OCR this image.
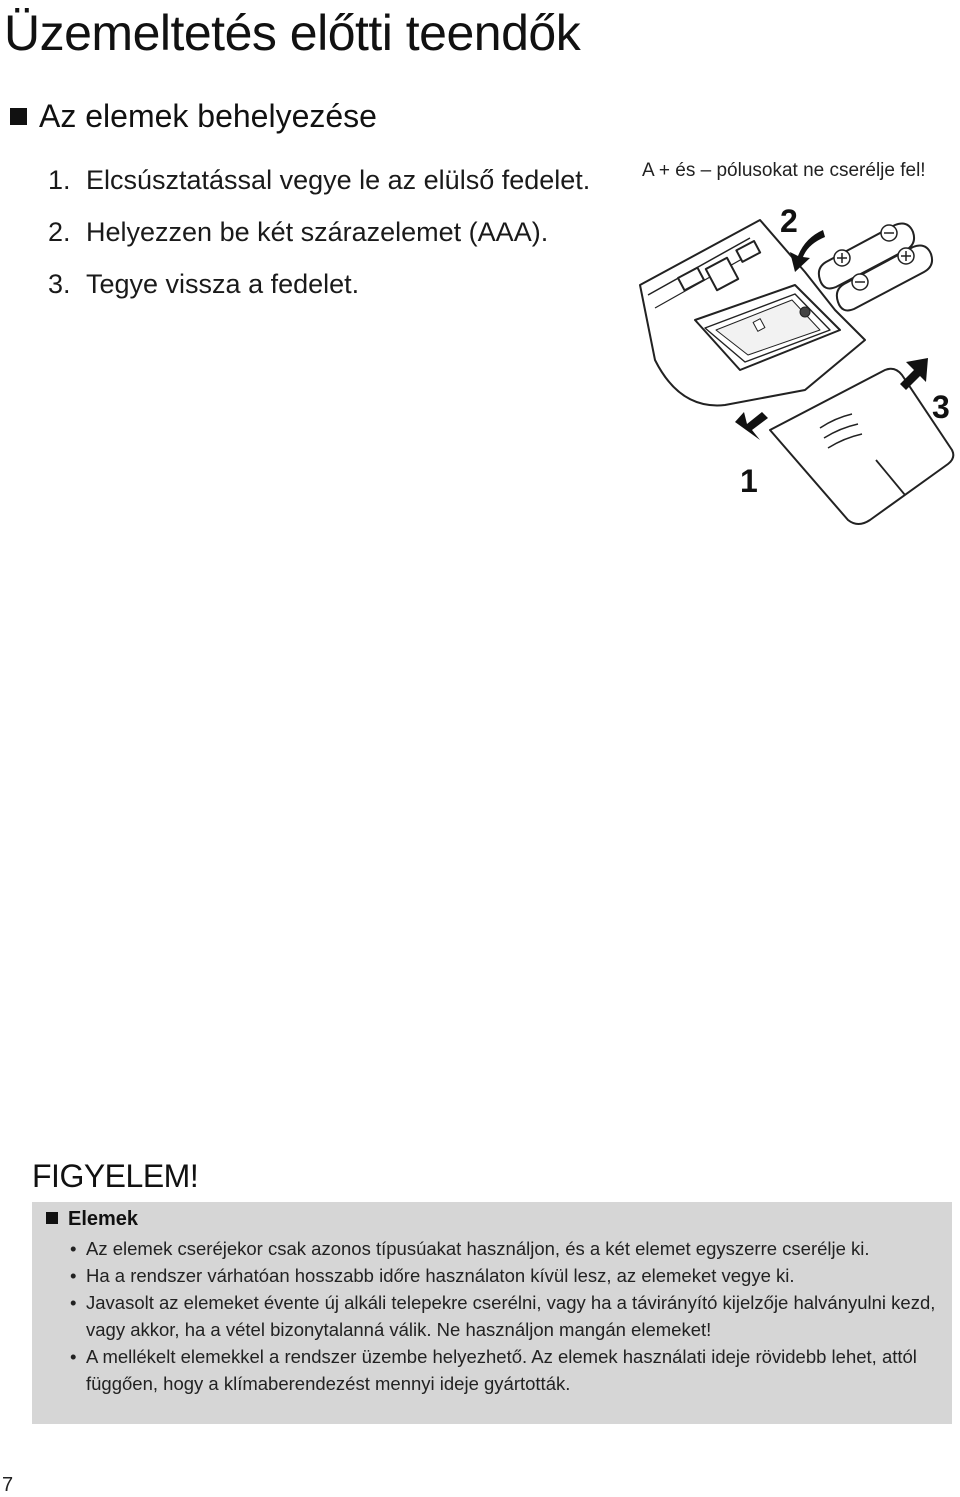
Üzemeltetés előtti teendők
Az elemek behelyezése
1. Elcsúsztatással vegye le az elülső fedelet.
2. Helyezzen be két szárazelemet (AAA).
3. Tegye vissza a fedelet.
A + és – pólusokat ne cserélje fel!
1
2
3
FIGYELEM!
Elemek
• Az elemek cseréjekor csak azonos típusúakat használjon, és a két elemet egyszerre cserélje ki.
• Ha a rendszer várhatóan hosszabb időre használaton kívül lesz, az elemeket vegye ki.
• Javasolt az elemeket évente új alkáli telepekre cserélni, vagy ha a távirányító kijelzője halványulni kezd, vagy akkor, ha a vétel bizonytalanná válik. Ne használjon mangán elemeket!
• A mellékelt elemekkel a rendszer üzembe helyezhető. Az elemek használati ideje rövidebb lehet, attól függően, hogy a klímaberendezést mennyi ideje gyártották.
7
